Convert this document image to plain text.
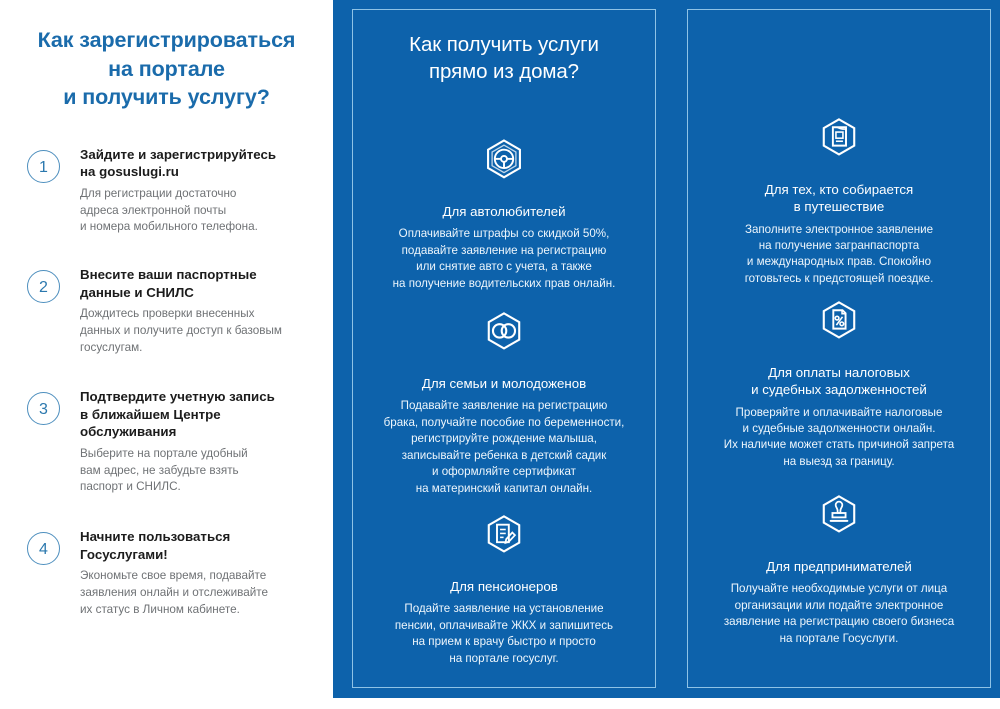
Как зарегистрироваться
на портале
и получить услугу?
1
Зайдите и зарегистрируйтесь
на gosuslugi.ru
Для регистрации достаточно
адреса электронной почты
и номера мобильного телефона.
2
Внесите ваши паспортные
данные и СНИЛС
Дождитесь проверки внесенных
данных и получите доступ к базовым
госуслугам.
3
Подтвердите учетную запись
в ближайшем Центре
обслуживания
Выберите на портале удобный
вам адрес, не забудьте взять
паспорт и СНИЛС.
4
Начните пользоваться
Госуслугами!
Экономьте свое время, подавайте
заявления онлайн и отслеживайте
их статус в Личном кабинете.
Как получить услуги
прямо из дома?
Для автолюбителей
Оплачивайте штрафы со скидкой 50%,
подавайте заявление на регистрацию
или снятие авто с учета, а также
на получение водительских прав онлайн.
Для семьи и молодоженов
Подавайте заявление на регистрацию
брака, получайте пособие по беременности,
регистрируйте рождение малыша,
записывайте ребенка в детский садик
и оформляйте сертификат
на материнский капитал онлайн.
Для пенсионеров
Подайте заявление на установление
пенсии, оплачивайте ЖКХ и запишитесь
на прием к врачу быстро и просто
на портале госуслуг.
Для тех, кто собирается
в путешествие
Заполните электронное заявление
на получение загранпаспорта
и международных прав. Спокойно
готовьтесь к предстоящей поездке.
Для оплаты налоговых
и судебных задолженностей
Проверяйте и оплачивайте налоговые
и судебные задолженности онлайн.
Их наличие может стать причиной запрета
на выезд за границу.
Для предпринимателей
Получайте необходимые услуги от лица
организации или подайте электронное
заявление на регистрацию своего бизнеса
на портале Госуслуги.
